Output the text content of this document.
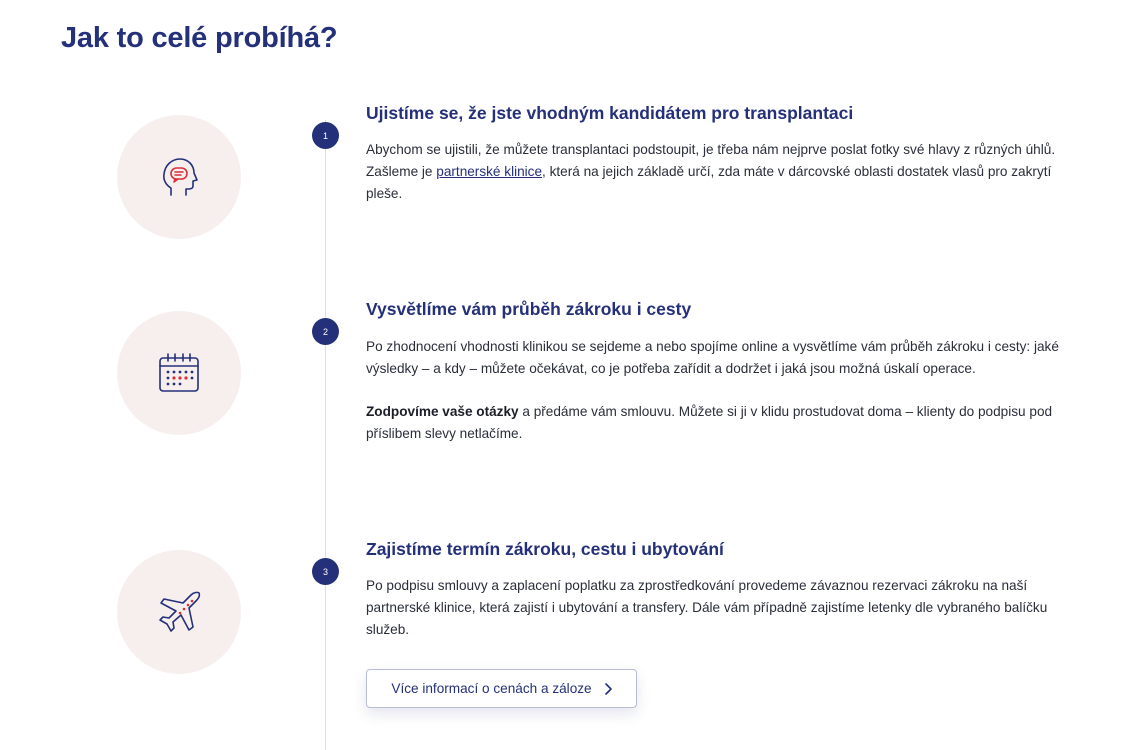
Jak to celé probíhá?
1
Ujistíme se, že jste vhodným kandidátem pro transplantaci

Abychom se ujistili, že můžete transplantaci podstoupit, je třeba nám nejprve poslat fotky své hlavy z různých úhlů. Zašleme je partnerské klinice, která na jejich základě určí, zda máte v dárcovské oblasti dostatek vlasů pro zakrytí pleše.

2
Vysvětlíme vám průběh zákroku i cesty

Po zhodnocení vhodnosti klinikou se sejdeme a nebo spojíme online a vysvětlíme vám průběh zákroku i cesty: jaké výsledky – a kdy – můžete očekávat, co je potřeba zařídit a dodržet i jaká jsou možná úskalí operace.

Zodpovíme vaše otázky a předáme vám smlouvu. Můžete si ji v klidu prostudovat doma – klienty do podpisu pod příslibem slevy netlačíme.

3
Zajistíme termín zákroku, cestu i ubytování

Po podpisu smlouvy a zaplacení poplatku za zprostředkování provedeme závaznou rezervaci zákroku na naší partnerské klinice, která zajistí i ubytování a transfery. Dále vám případně zajistíme letenky dle vybraného balíčku služeb.

Více informací o cenách a záloze
